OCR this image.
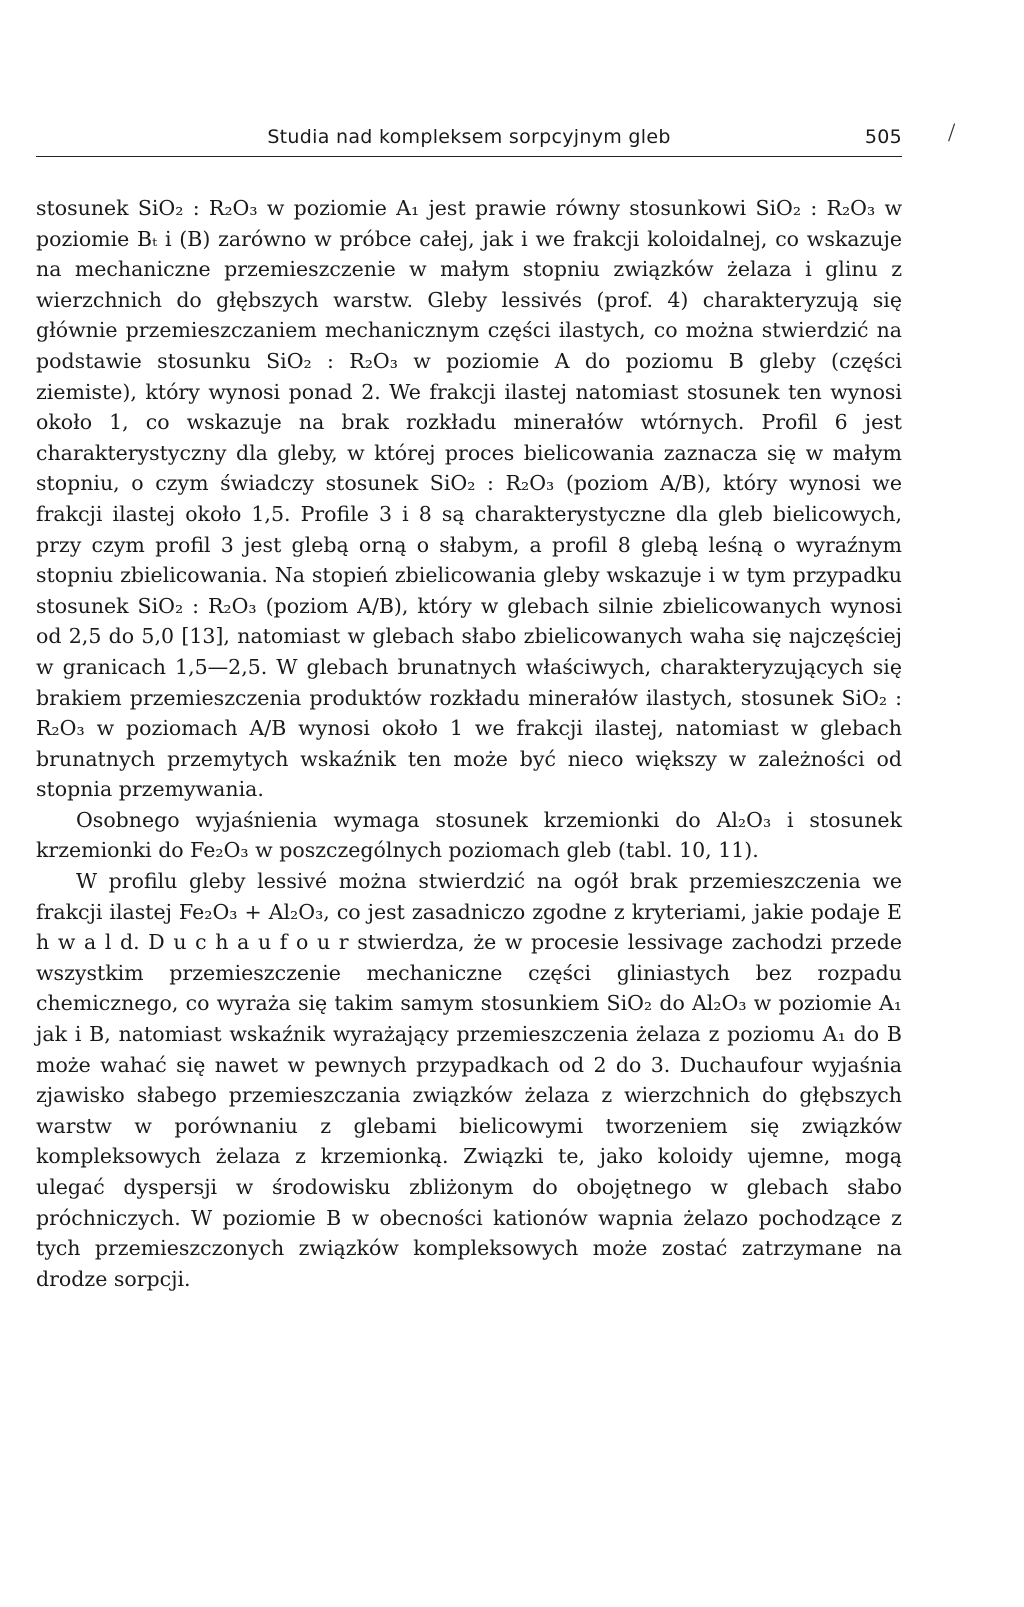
/
Studia nad kompleksem sorpcyjnym gleb	505

stosunek SiO₂ : R₂O₃ w poziomie A₁ jest prawie równy stosunkowi SiO₂ : R₂O₃ w poziomie Bₜ i (B) zarówno w próbce całej, jak i we frakcji koloidalnej, co wskazuje na mechaniczne przemieszczenie w małym stopniu związków żelaza i glinu z wierzchnich do głębszych warstw. Gleby lessivés (prof. 4) charakteryzują się głównie przemieszczaniem mechanicznym części ilastych, co można stwierdzić na podstawie stosunku SiO₂ : R₂O₃ w poziomie A do poziomu B gleby (części ziemiste), który wynosi ponad 2. We frakcji ilastej natomiast stosunek ten wynosi około 1, co wskazuje na brak rozkładu minerałów wtórnych. Profil 6 jest charakterystyczny dla gleby, w której proces bielicowania zaznacza się w małym stopniu, o czym świadczy stosunek SiO₂ : R₂O₃ (poziom A/B), który wynosi we frakcji ilastej około 1,5. Profile 3 i 8 są charakterystyczne dla gleb bielicowych, przy czym profil 3 jest glebą orną o słabym, a profil 8 glebą leśną o wyraźnym stopniu zbielicowania. Na stopień zbielicowania gleby wskazuje i w tym przypadku stosunek SiO₂ : R₂O₃ (poziom A/B), który w glebach silnie zbielicowanych wynosi od 2,5 do 5,0 [13], natomiast w glebach słabo zbielicowanych waha się najczęściej w granicach 1,5—2,5. W glebach brunatnych właściwych, charakteryzujących się brakiem przemieszczenia produktów rozkładu minerałów ilastych, stosunek SiO₂ : R₂O₃ w poziomach A/B wynosi około 1 we frakcji ilastej, natomiast w glebach brunatnych przemytych wskaźnik ten może być nieco większy w zależności od stopnia przemywania.

Osobnego wyjaśnienia wymaga stosunek krzemionki do Al₂O₃ i stosunek krzemionki do Fe₂O₃ w poszczególnych poziomach gleb (tabl. 10, 11).

W profilu gleby lessivé można stwierdzić na ogół brak przemieszczenia we frakcji ilastej Fe₂O₃ + Al₂O₃, co jest zasadniczo zgodne z kryteriami, jakie podaje E h w a l d. D u c h a u f o u r stwierdza, że w procesie lessivage zachodzi przede wszystkim przemieszczenie mechaniczne części gliniastych bez rozpadu chemicznego, co wyraża się takim samym stosunkiem SiO₂ do Al₂O₃ w poziomie A₁ jak i B, natomiast wskaźnik wyrażający przemieszczenia żelaza z poziomu A₁ do B może wahać się nawet w pewnych przypadkach od 2 do 3. Duchaufour wyjaśnia zjawisko słabego przemieszczania związków żelaza z wierzchnich do głębszych warstw w porównaniu z glebami bielicowymi tworzeniem się związków kompleksowych żelaza z krzemionką. Związki te, jako koloidy ujemne, mogą ulegać dyspersji w środowisku zbliżonym do obojętnego w glebach słabo próchniczych. W poziomie B w obecności kationów wapnia żelazo pochodzące z tych przemieszczonych związków kompleksowych może zostać zatrzymane na drodze sorpcji.
